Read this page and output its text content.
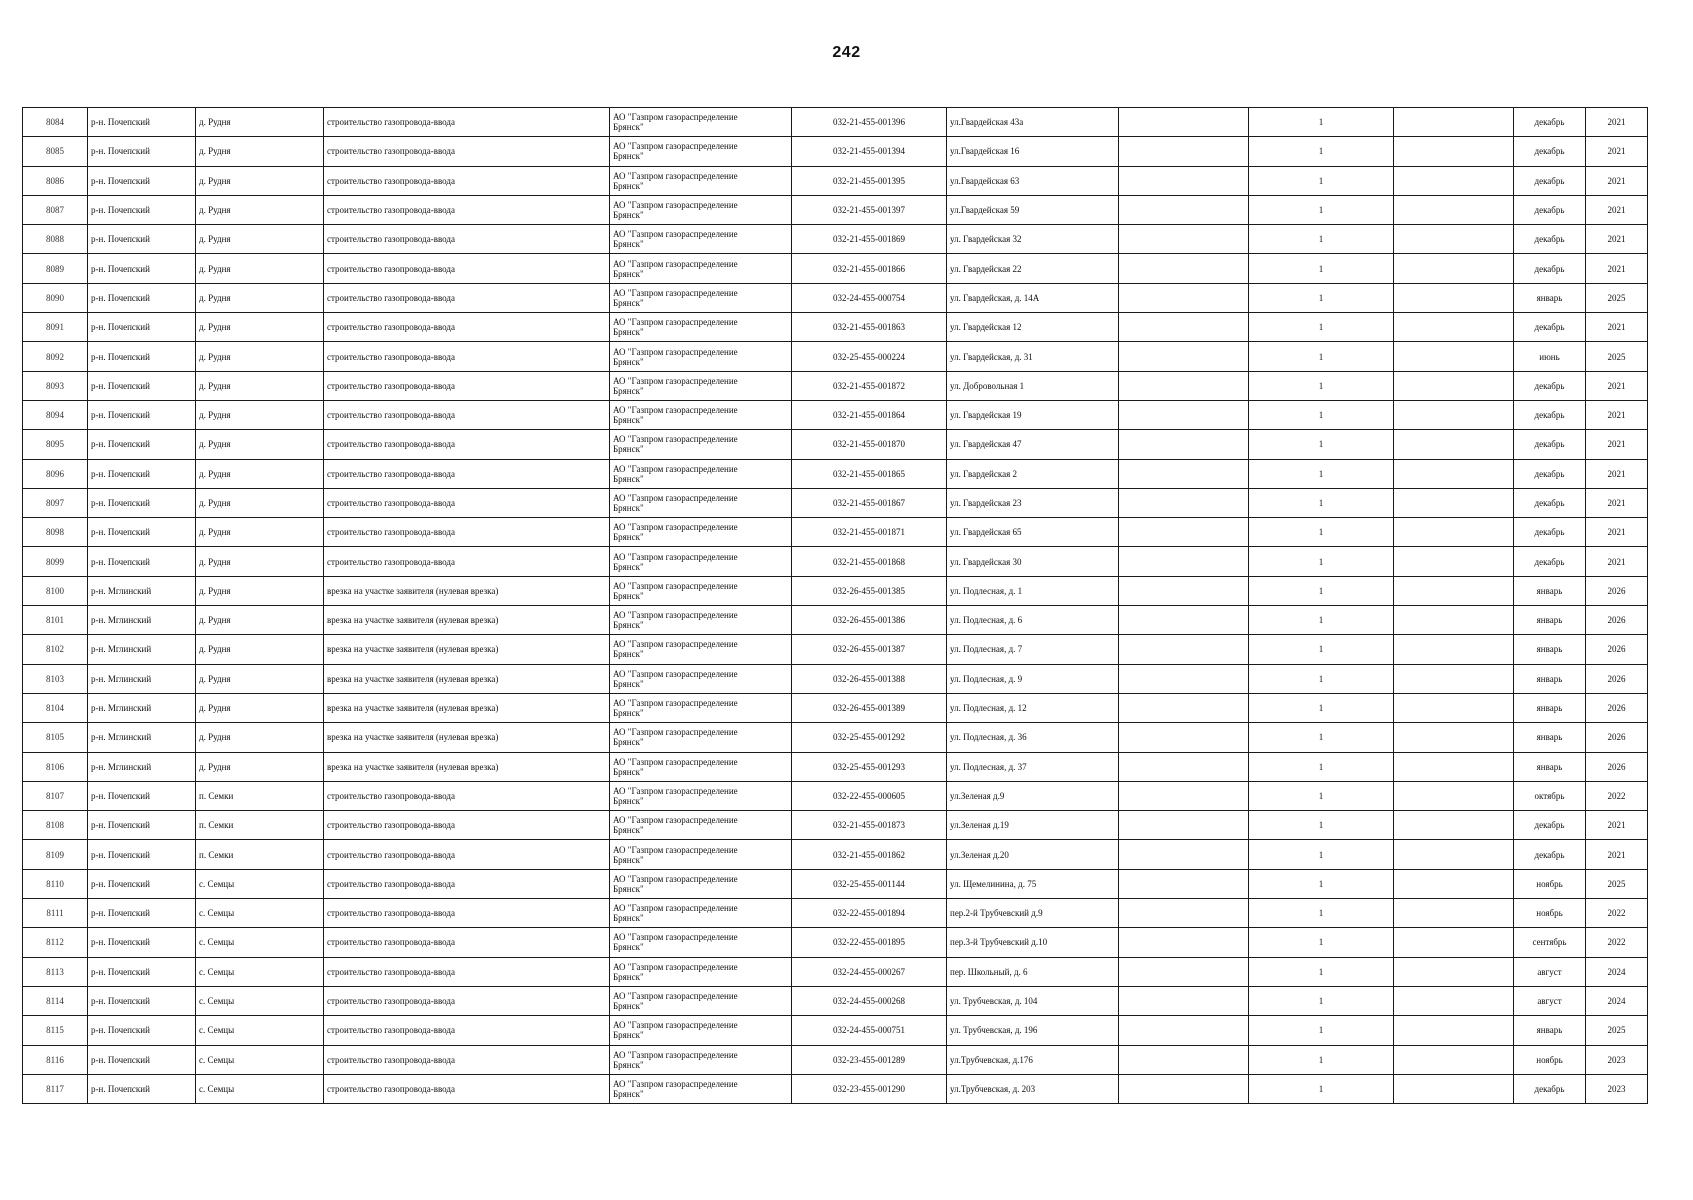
242
8084	р-н. Почепский	д. Рудня	строительство газопровода-ввода	АО "Газпром газораспределение
Брянск"	032-21-455-001396	ул.Гвардейская 43а		1		декабрь	2021
8085	р-н. Почепский	д. Рудня	строительство газопровода-ввода	АО "Газпром газораспределение
Брянск"	032-21-455-001394	ул.Гвардейская 16		1		декабрь	2021
8086	р-н. Почепский	д. Рудня	строительство газопровода-ввода	АО "Газпром газораспределение
Брянск"	032-21-455-001395	ул.Гвардейская 63		1		декабрь	2021
8087	р-н. Почепский	д. Рудня	строительство газопровода-ввода	АО "Газпром газораспределение
Брянск"	032-21-455-001397	ул.Гвардейская 59		1		декабрь	2021
8088	р-н. Почепский	д. Рудня	строительство газопровода-ввода	АО "Газпром газораспределение
Брянск"	032-21-455-001869	ул. Гвардейская 32		1		декабрь	2021
8089	р-н. Почепский	д. Рудня	строительство газопровода-ввода	АО "Газпром газораспределение
Брянск"	032-21-455-001866	ул. Гвардейская 22		1		декабрь	2021
8090	р-н. Почепский	д. Рудня	строительство газопровода-ввода	АО "Газпром газораспределение
Брянск"	032-24-455-000754	ул. Гвардейская, д. 14А		1		январь	2025
8091	р-н. Почепский	д. Рудня	строительство газопровода-ввода	АО "Газпром газораспределение
Брянск"	032-21-455-001863	ул. Гвардейская 12		1		декабрь	2021
8092	р-н. Почепский	д. Рудня	строительство газопровода-ввода	АО "Газпром газораспределение
Брянск"	032-25-455-000224	ул. Гвардейская, д. 31		1		июнь	2025
8093	р-н. Почепский	д. Рудня	строительство газопровода-ввода	АО "Газпром газораспределение
Брянск"	032-21-455-001872	ул. Добровольная 1		1		декабрь	2021
8094	р-н. Почепский	д. Рудня	строительство газопровода-ввода	АО "Газпром газораспределение
Брянск"	032-21-455-001864	ул. Гвардейская 19		1		декабрь	2021
8095	р-н. Почепский	д. Рудня	строительство газопровода-ввода	АО "Газпром газораспределение
Брянск"	032-21-455-001870	ул. Гвардейская 47		1		декабрь	2021
8096	р-н. Почепский	д. Рудня	строительство газопровода-ввода	АО "Газпром газораспределение
Брянск"	032-21-455-001865	ул. Гвардейская 2		1		декабрь	2021
8097	р-н. Почепский	д. Рудня	строительство газопровода-ввода	АО "Газпром газораспределение
Брянск"	032-21-455-001867	ул. Гвардейская 23		1		декабрь	2021
8098	р-н. Почепский	д. Рудня	строительство газопровода-ввода	АО "Газпром газораспределение
Брянск"	032-21-455-001871	ул. Гвардейская 65		1		декабрь	2021
8099	р-н. Почепский	д. Рудня	строительство газопровода-ввода	АО "Газпром газораспределение
Брянск"	032-21-455-001868	ул. Гвардейская 30		1		декабрь	2021
8100	р-н. Мглинский	д. Рудня	врезка на участке заявителя (нулевая врезка)	АО "Газпром газораспределение
Брянск"	032-26-455-001385	ул. Подлесная, д. 1		1		январь	2026
8101	р-н. Мглинский	д. Рудня	врезка на участке заявителя (нулевая врезка)	АО "Газпром газораспределение
Брянск"	032-26-455-001386	ул. Подлесная, д. 6		1		январь	2026
8102	р-н. Мглинский	д. Рудня	врезка на участке заявителя (нулевая врезка)	АО "Газпром газораспределение
Брянск"	032-26-455-001387	ул. Подлесная, д. 7		1		январь	2026
8103	р-н. Мглинский	д. Рудня	врезка на участке заявителя (нулевая врезка)	АО "Газпром газораспределение
Брянск"	032-26-455-001388	ул. Подлесная, д. 9		1		январь	2026
8104	р-н. Мглинский	д. Рудня	врезка на участке заявителя (нулевая врезка)	АО "Газпром газораспределение
Брянск"	032-26-455-001389	ул. Подлесная, д. 12		1		январь	2026
8105	р-н. Мглинский	д. Рудня	врезка на участке заявителя (нулевая врезка)	АО "Газпром газораспределение
Брянск"	032-25-455-001292	ул. Подлесная, д. 36		1		январь	2026
8106	р-н. Мглинский	д. Рудня	врезка на участке заявителя (нулевая врезка)	АО "Газпром газораспределение
Брянск"	032-25-455-001293	ул. Подлесная, д. 37		1		январь	2026
8107	р-н. Почепский	п. Семки	строительство газопровода-ввода	АО "Газпром газораспределение
Брянск"	032-22-455-000605	ул.Зеленая д.9		1		октябрь	2022
8108	р-н. Почепский	п. Семки	строительство газопровода-ввода	АО "Газпром газораспределение
Брянск"	032-21-455-001873	ул.Зеленая д.19		1		декабрь	2021
8109	р-н. Почепский	п. Семки	строительство газопровода-ввода	АО "Газпром газораспределение
Брянск"	032-21-455-001862	ул.Зеленая д.20		1		декабрь	2021
8110	р-н. Почепский	с. Семцы	строительство газопровода-ввода	АО "Газпром газораспределение
Брянск"	032-25-455-001144	ул. Щемелинина, д. 75		1		ноябрь	2025
8111	р-н. Почепский	с. Семцы	строительство газопровода-ввода	АО "Газпром газораспределение
Брянск"	032-22-455-001894	пер.2-й Трубчевский д.9		1		ноябрь	2022
8112	р-н. Почепский	с. Семцы	строительство газопровода-ввода	АО "Газпром газораспределение
Брянск"	032-22-455-001895	пер.3-й Трубчевский д.10		1		сентябрь	2022
8113	р-н. Почепский	с. Семцы	строительство газопровода-ввода	АО "Газпром газораспределение
Брянск"	032-24-455-000267	пер. Школьный, д. 6		1		август	2024
8114	р-н. Почепский	с. Семцы	строительство газопровода-ввода	АО "Газпром газораспределение
Брянск"	032-24-455-000268	ул. Трубчевская, д. 104		1		август	2024
8115	р-н. Почепский	с. Семцы	строительство газопровода-ввода	АО "Газпром газораспределение
Брянск"	032-24-455-000751	ул. Трубчевская, д. 196		1		январь	2025
8116	р-н. Почепский	с. Семцы	строительство газопровода-ввода	АО "Газпром газораспределение
Брянск"	032-23-455-001289	ул.Трубчевская, д.176		1		ноябрь	2023
8117	р-н. Почепский	с. Семцы	строительство газопровода-ввода	АО "Газпром газораспределение
Брянск"	032-23-455-001290	ул.Трубчевская, д. 203		1		декабрь	2023
